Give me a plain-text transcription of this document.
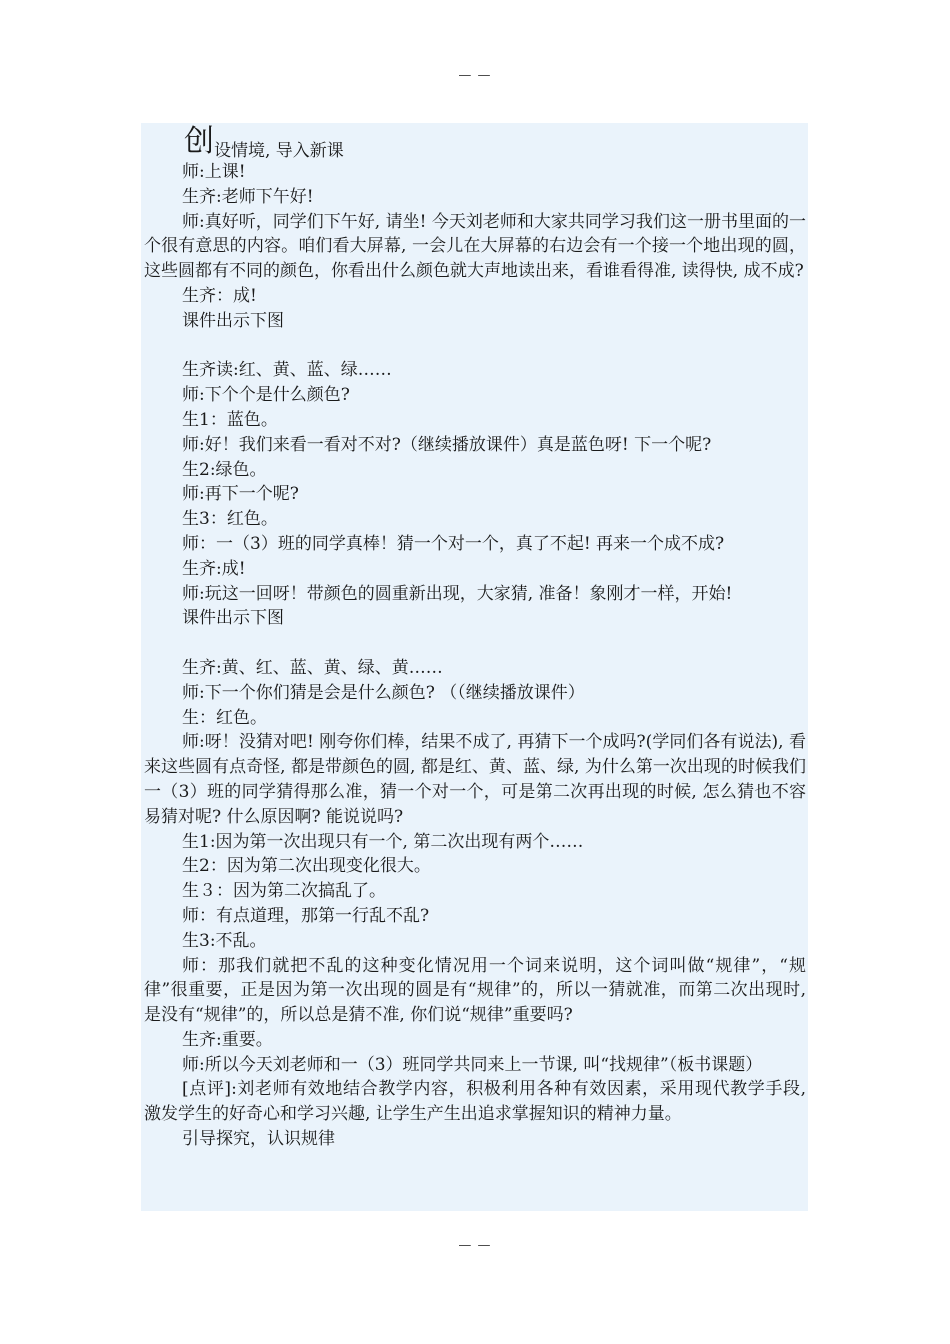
— —
创设情境, 导入新课

师:上课!

生齐:老师下午好!

师:真好听，同学们下午好, 请坐! 今天刘老师和大家共同学习我们这一册书里面的一个很有意思的内容。咱们看大屏幕, 一会儿在大屏幕的右边会有一个接一个地出现的圆，这些圆都有不同的颜色，你看出什么颜色就大声地读出来，看谁看得准, 读得快, 成不成?

生齐：成!

课件出示下图

生齐读:红、黄、蓝、绿……

师:下个个是什么颜色?

生1：蓝色。

师:好！我们来看一看对不对?（继续播放课件）真是蓝色呀! 下一个呢?

生2:绿色。

师:再下一个呢?

生3：红色。

师：一（3）班的同学真棒！猜一个对一个，真了不起! 再来一个成不成?

生齐:成!

师:玩这一回呀！带颜色的圆重新出现，大家猜, 准备！象刚才一样，开始!

课件出示下图

生齐:黄、红、蓝、黄、绿、黄……

师:下一个你们猜是会是什么颜色? （（继续播放课件）

生：红色。

师:呀！没猜对吧! 刚夸你们棒，结果不成了, 再猜下一个成吗?(学同们各有说法), 看来这些圆有点奇怪, 都是带颜色的圆, 都是红、黄、蓝、绿, 为什么第一次出现的时候我们一（3）班的同学猜得那么准，猜一个对一个，可是第二次再出现的时候, 怎么猜也不容易猜对呢? 什么原因啊? 能说说吗?

生1:因为第一次出现只有一个, 第二次出现有两个……

生2：因为第二次出现变化很大。

生３：因为第二次搞乱了。

师：有点道理，那第一行乱不乱?

生3:不乱。

师：那我们就把不乱的这种变化情况用一个词来说明，这个词叫做“规律”，“规律”很重要，正是因为第一次出现的圆是有“规律”的，所以一猜就准，而第二次出现时, 是没有“规律”的，所以总是猜不准, 你们说“规律”重要吗?

生齐:重要。

师:所以今天刘老师和一（3）班同学共同来上一节课, 叫“找规律”（板书课题）

[点评]:刘老师有效地结合教学内容，积极利用各种有效因素，采用现代教学手段, 激发学生的好奇心和学习兴趣, 让学生产生出追求掌握知识的精神力量。

引导探究，认识规律

— —
